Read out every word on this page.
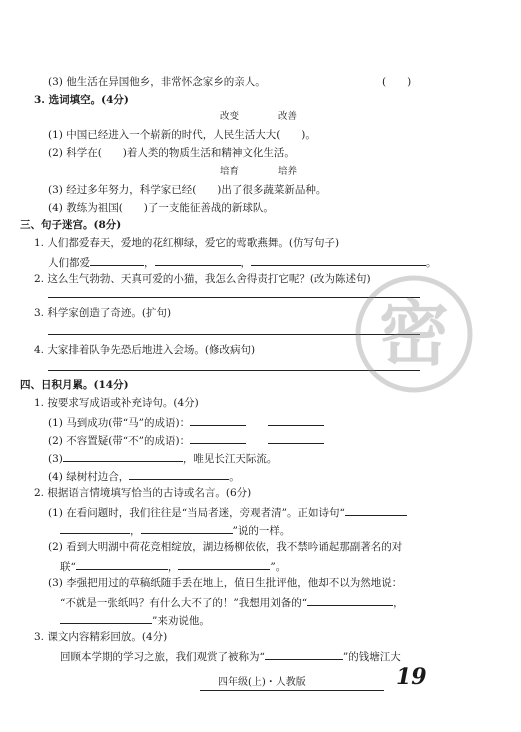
(3) 他生活在异国他乡，非常怀念家乡的亲人。	(　　)
3. 选词填空。(4分)
改变	改善
(1) 中国已经进入一个崭新的时代，人民生活大大(　　)。
(2) 科学在(　　)着人类的物质生活和精神文化生活。
培育	培养
(3) 经过多年努力，科学家已经(　　)出了很多蔬菜新品种。
(4) 教练为祖国(　　)了一支能征善战的新球队。
三、句子迷宫。(8分)
1. 人们都爱春天，爱地的花红柳绿，爱它的莺歌燕舞。(仿写句子)
人们都爱	，	，	。
2. 这么生气勃勃、天真可爱的小猫，我怎么舍得责打它呢？(改为陈述句)
3. 科学家创造了奇迹。(扩句)
4. 大家排着队争先恐后地进入会场。(修改病句)
四、日积月累。(14分)
1. 按要求写成语或补充诗句。(4分)
(1) 马到成功(带“马”的成语)：
(2) 不容置疑(带“不”的成语)：
(3)	，唯见长江天际流。
(4) 绿树村边合，	。
2. 根据语言情境填写恰当的古诗或名言。(6分)
(1) 在看问题时，我们往往是“当局者迷，旁观者清”。正如诗句“
，	”说的一样。
(2) 看到大明湖中荷花竞相绽放，湖边杨柳依依，我不禁吟诵起那副著名的对
联“	，	”。
(3) 李强把用过的草稿纸随手丢在地上，值日生批评他，他却不以为然地说：
“不就是一张纸吗？有什么大不了的！”我想用刘备的“	，
”来劝说他。
3. 课文内容精彩回放。(4分)
回顾本学期的学习之旅，我们观赏了被称为“	”的钱塘江大
四年级(上)・人教版	19
密
